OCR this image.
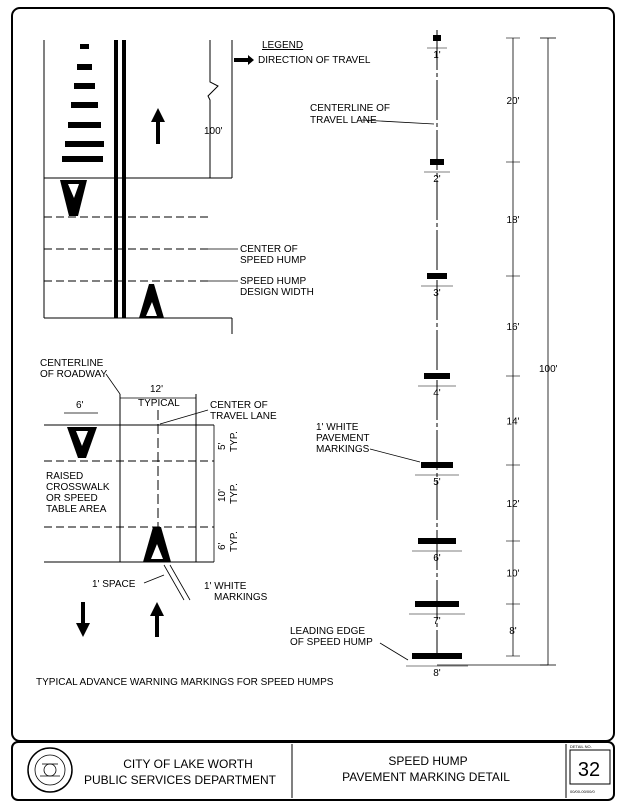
100'
CENTER OF
SPEED HUMP
SPEED HUMP
DESIGN WIDTH
LEGEND
DIRECTION OF TRAVEL
12'
TYPICAL
CENTERLINE
OF ROADWAY
CENTER OF
TRAVEL LANE
6'
RAISED
CROSSWALK
OR SPEED
TABLE AREA
5' TYP.
10' TYP.
6' TYP.
1' SPACE	1' WHITE
MARKINGS
TYPICAL ADVANCE WARNING MARKINGS FOR SPEED HUMPS
CENTERLINE OF
TRAVEL LANE
1' WHITE
PAVEMENT
MARKINGS
LEADING EDGE
OF SPEED HUMP
100'
1'
2'
3'
4'
5'
6'
7'
8'
20'
18'
16'
14'
12'
10'
8'
CITY OF LAKE WORTH
PUBLIC SERVICES DEPARTMENT
SPEED HUMP
PAVEMENT MARKING DETAIL
DETAIL NO.
32
00/00-00/00/0
